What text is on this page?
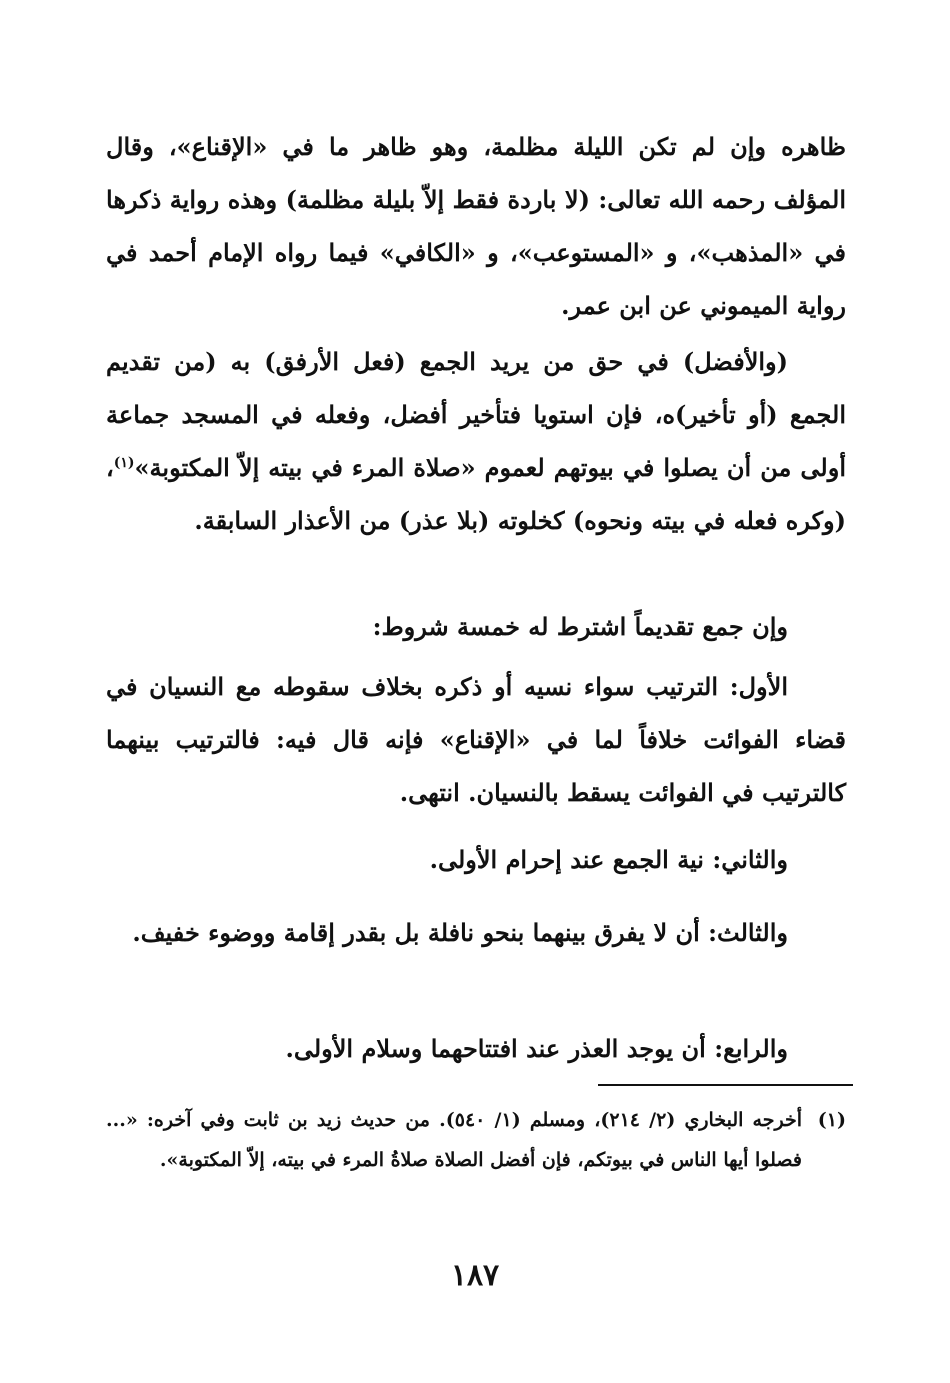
ظاهره وإن لم تكن الليلة مظلمة، وهو ظاهر ما في «الإقناع»، وقال المؤلف رحمه الله تعالى: (لا باردة فقط إلاّ بليلة مظلمة) وهذه رواية ذكرها في «المذهب»، و «المستوعب»، و «الكافي» فيما رواه الإمام أحمد في رواية الميموني عن ابن عمر.

(والأفضل) في حق من يريد الجمع (فعل الأرفق) به (من تقديم الجمع (أو تأخير)ه، فإن استويا فتأخير أفضل، وفعله في المسجد جماعة أولى من أن يصلوا في بيوتهم لعموم «صلاة المرء في بيته إلاّ المكتوبة»$^{(١)}$، (وكره فعله في بيته ونحوه) كخلوته (بلا عذر) من الأعذار السابقة.

وإن جمع تقديماً اشترط له خمسة شروط:

الأول: الترتيب سواء نسيه أو ذكره بخلاف سقوطه مع النسيان في قضاء الفوائت خلافاً لما في «الإقناع» فإنه قال فيه: فالترتيب بينهما كالترتيب في الفوائت يسقط بالنسيان. انتهى.

والثاني: نية الجمع عند إحرام الأولى.

والثالث: أن لا يفرق بينهما بنحو نافلة بل بقدر إقامة ووضوء خفيف.

والرابع: أن يوجد العذر عند افتتاحهما وسلام الأولى.

(١)
أخرجه البخاري (٢/ ٢١٤)، ومسلم (١/ ٥٤٠). من حديث زيد بن ثابت وفي آخره: «... فصلوا أيها الناس في بيوتكم، فإن أفضل الصلاة صلاةُ المرء في بيته، إلاّ المكتوبة».

١٨٧
